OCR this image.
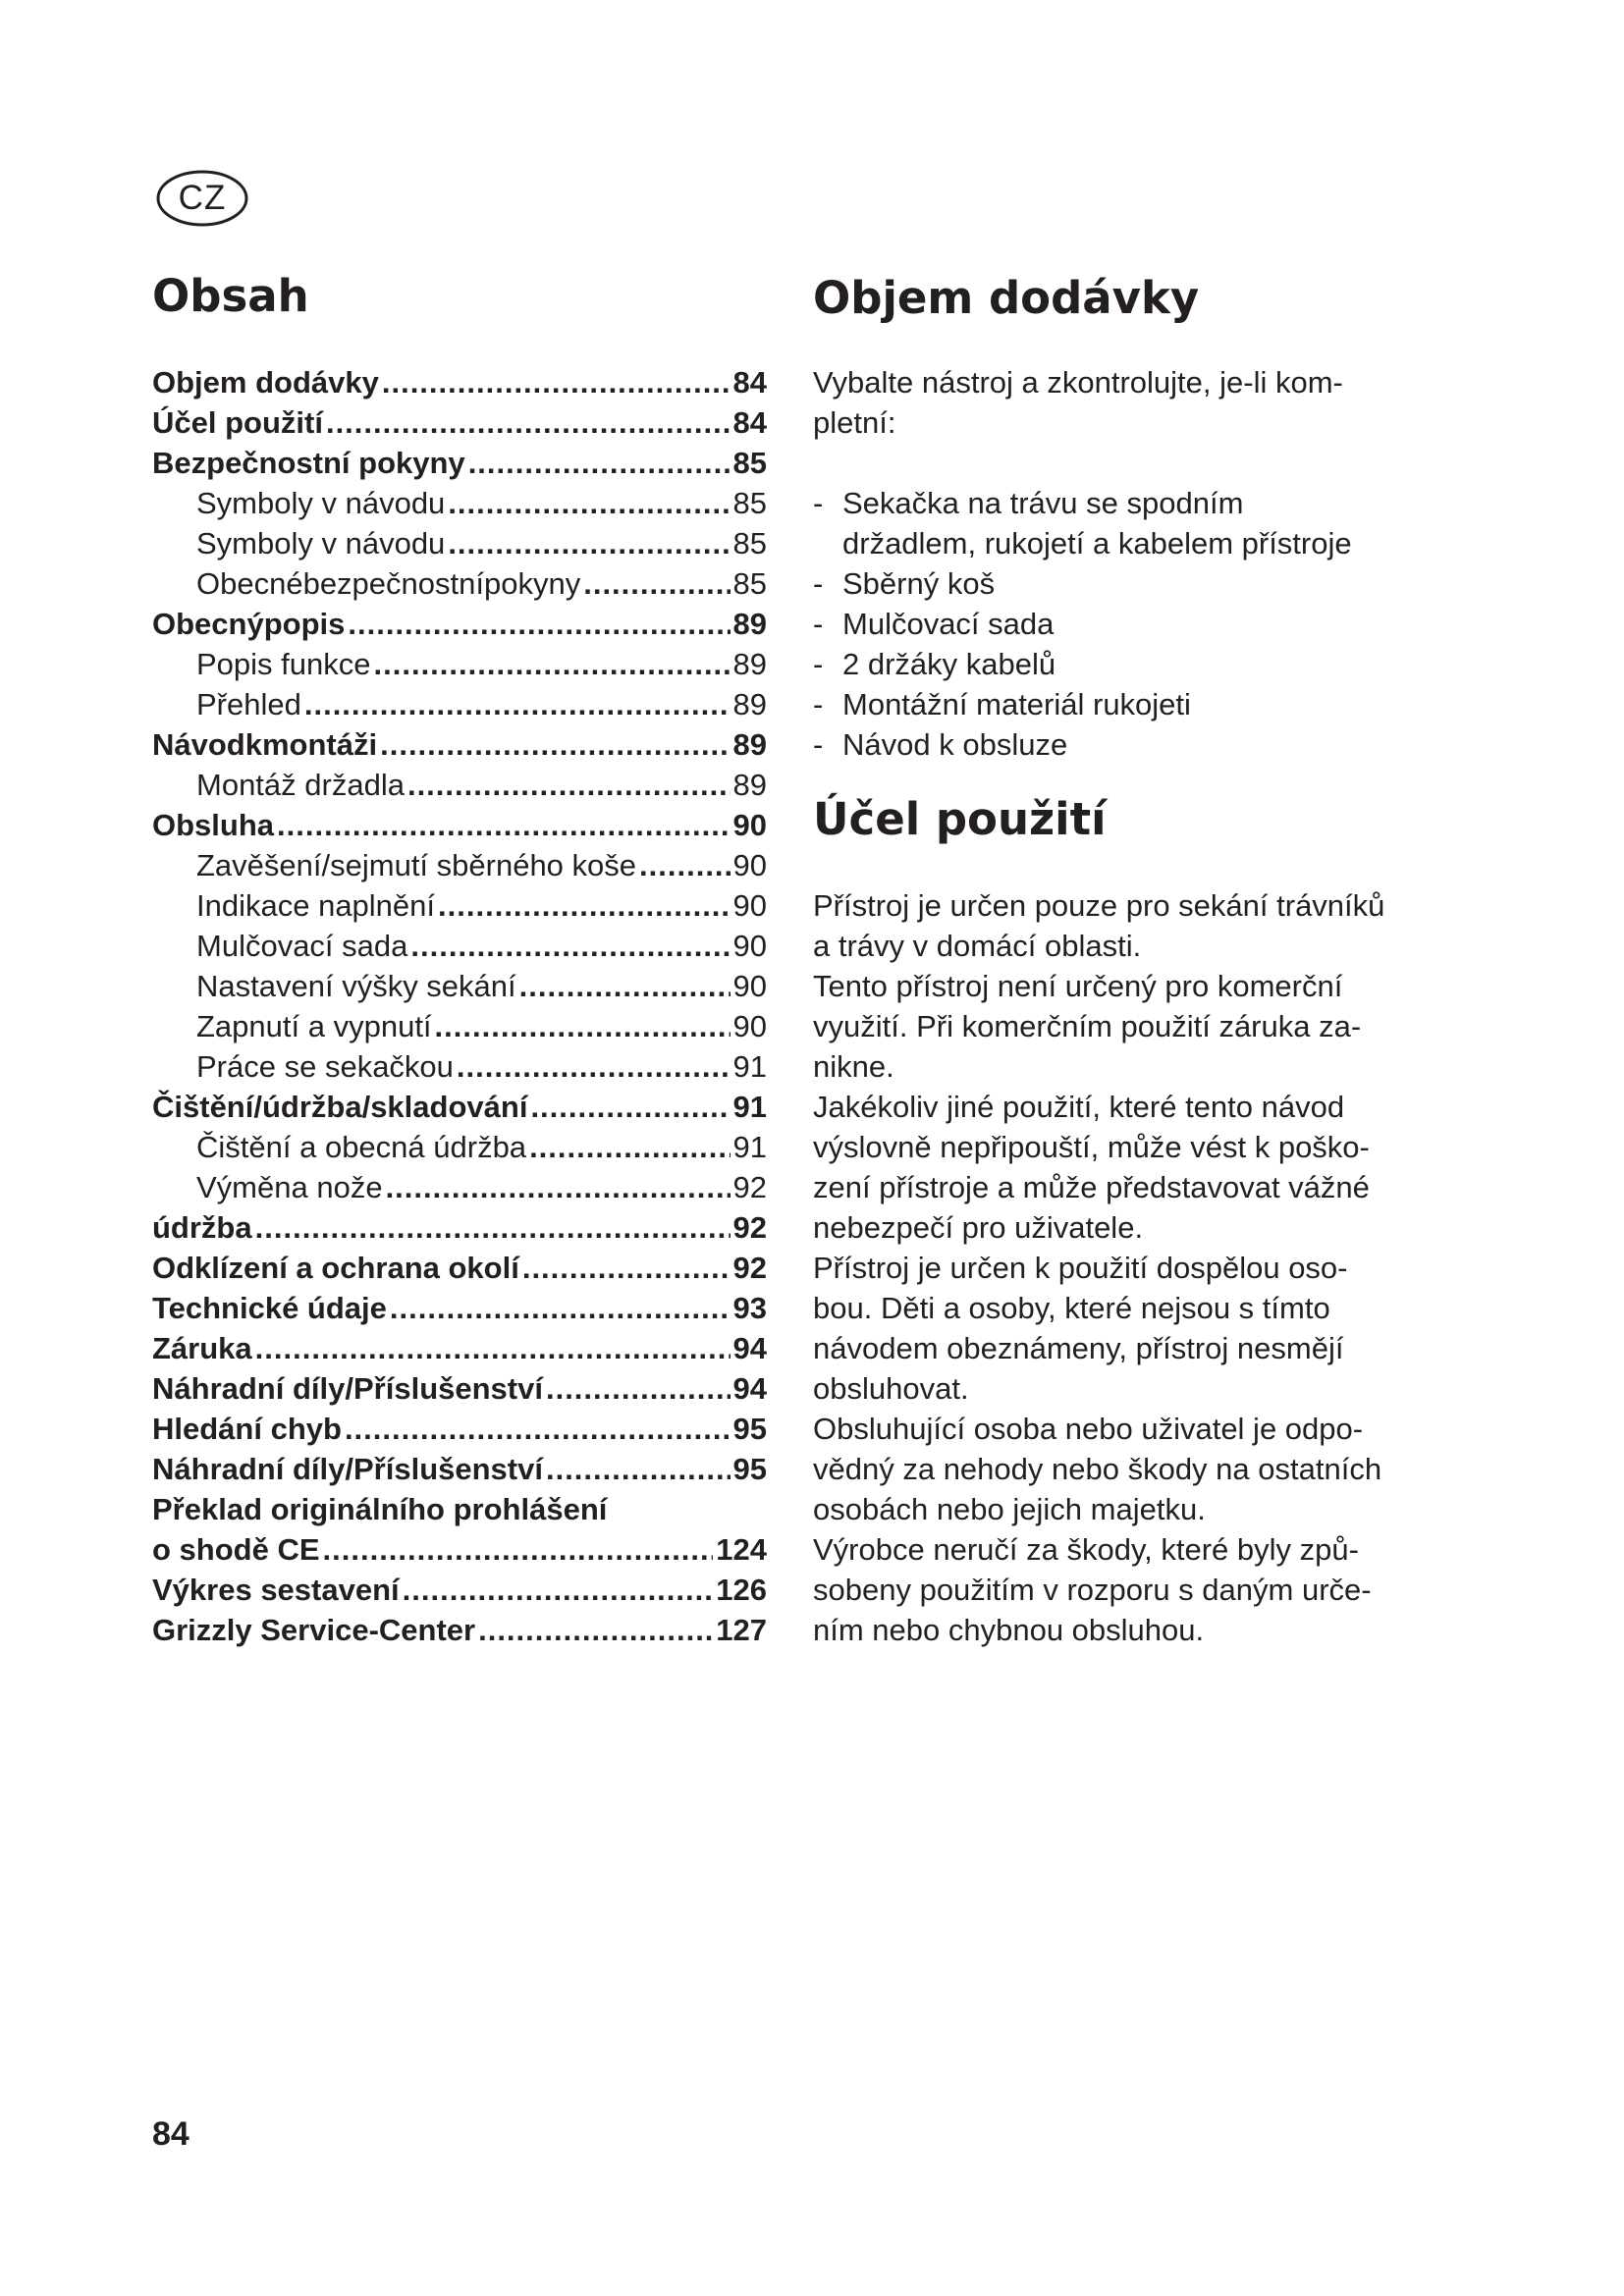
CZ
Obsah
Objem dodávky .....	84
Účel použití .....	84
Bezpečnostní pokyny .....	85
Symboly v návodu .....	85
Symboly v návodu .....	85
Obecnébezpečnostnípokyny .....	85
Obecnýpopis .....	89
Popis funkce .....	89
Přehled .....	89
Návodkmontáži .....	89
Montáž držadla .....	89
Obsluha .....	90
Zavěšení/sejmutí sběrného koše .....	90
Indikace naplnění .....	90
Mulčovací sada .....	90
Nastavení výšky sekání .....	90
Zapnutí a vypnutí .....	90
Práce se sekačkou .....	91
Čištění/údržba/skladování .....	91
Čištění a obecná údržba .....	91
Výměna nože .....	92
údržba .....	92
Odklízení a ochrana okolí .....	92
Technické údaje .....	93
Záruka .....	94
Náhradní díly/Příslušenství .....	94
Hledání chyb .....	95
Náhradní díly/Příslušenství .....	95
Překlad originálního prohlášení
o shodě CE .....	124
Výkres sestavení .....	126
Grizzly Service-Center .....	127
Objem dodávky
Vybalte nástroj a zkontrolujte, je-li kom-
pletní:
- Sekačka na trávu se spodním
držadlem, rukojetí a kabelem přístroje
- Sběrný koš
- Mulčovací sada
- 2 držáky kabelů
- Montážní materiál rukojeti
- Návod k obsluze
Účel použití

Přístroj je určen pouze pro sekání trávníků

a trávy v domácí oblasti.

Tento přístroj není určený pro komerční

využití. Při komerčním použití záruka za-

nikne.

Jakékoliv jiné použití, které tento návod

výslovně nepřipouští, může vést k poško-

zení přístroje a může představovat vážné

nebezpečí pro uživatele.

Přístroj je určen k použití dospělou oso-

bou. Děti a osoby, které nejsou s tímto

návodem obeznámeny, přístroj nesmějí

obsluhovat.

Obsluhující osoba nebo uživatel je odpo-

vědný za nehody nebo škody na ostatních

osobách nebo jejich majetku.

Výrobce neručí za škody, které byly způ-

sobeny použitím v rozporu s daným urče-

ním nebo chybnou obsluhou.

84
